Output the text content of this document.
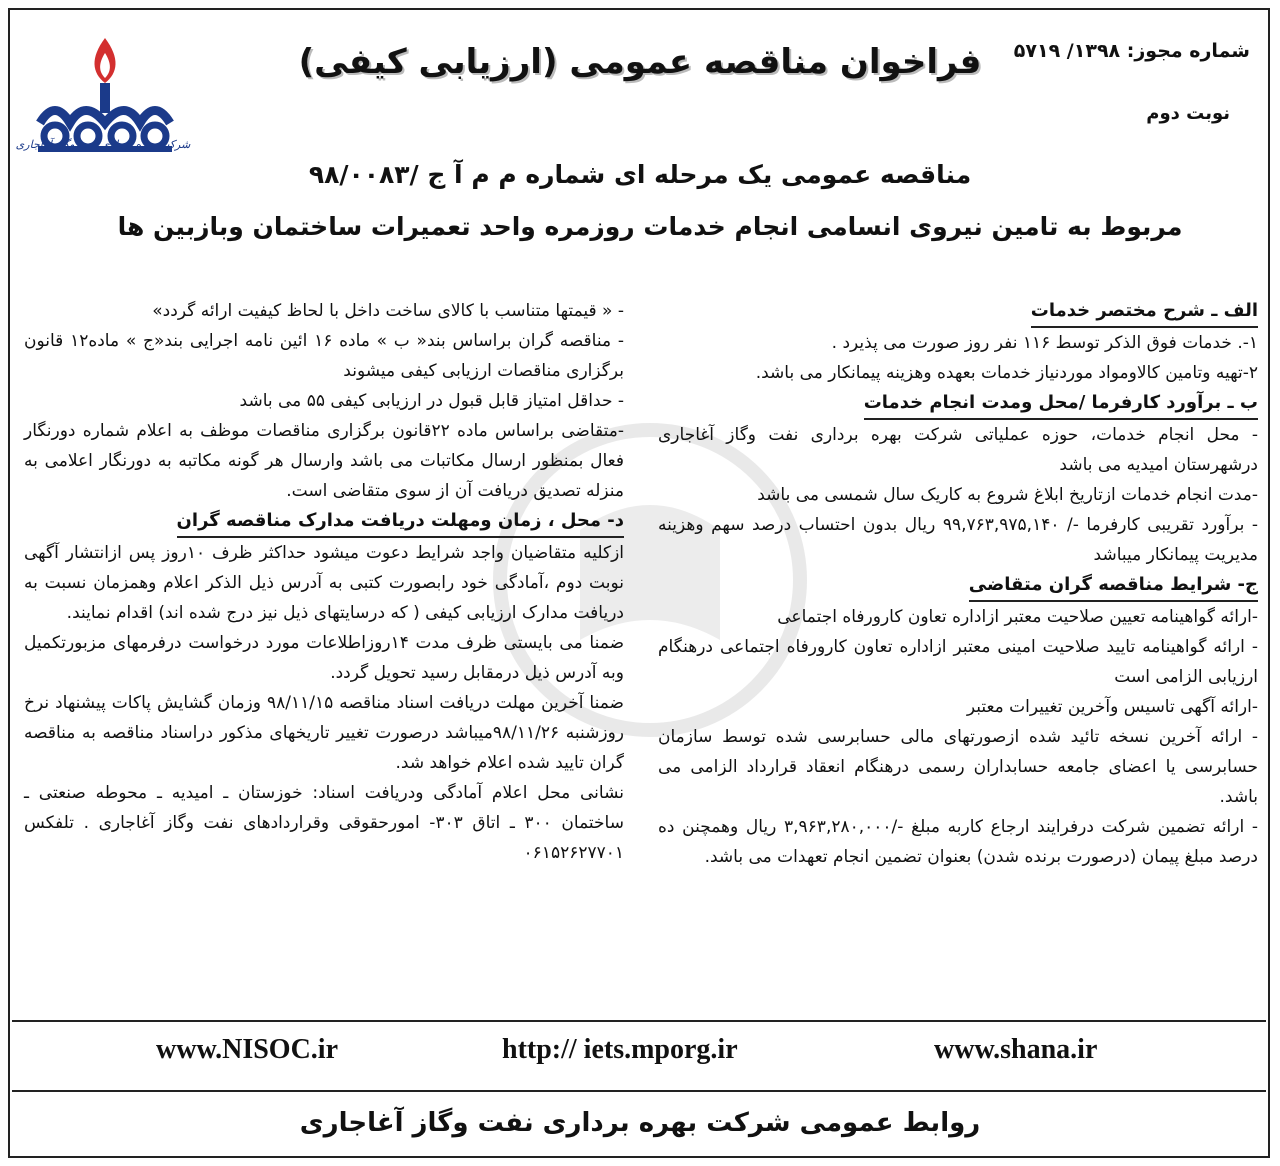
شرکت بهره برداری نفت وگاز آغاجاری
شماره مجوز: ۱۳۹۸/ ۵۷۱۹
نوبت دوم
فراخوان مناقصه عمومی (ارزیابی کیفی)
مناقصه عمومی یک مرحله ای شماره م م آ ج /۹۸/۰۰۸۳
مربوط به تامین نیروی انسامی انجام خدمات روزمره واحد تعمیرات ساختمان وبازبین ها

الف ـ شرح مختصر خدمات

۱-. خدمات فوق الذکر توسط ۱۱۶ نفر روز صورت می پذیرد .

۲-تهیه وتامین کالاومواد موردنیاز خدمات بعهده وهزینه پیمانکار می باشد.

ب ـ برآورد کارفرما /محل ومدت انجام خدمات

- محل انجام خدمات، حوزه عملیاتی شرکت بهره برداری نفت وگاز آغاجاری درشهرستان امیدیه می باشد

-مدت انجام خدمات ازتاریخ ابلاغ شروع به کاریک سال شمسی می باشد

- برآورد تقریبی کارفرما -/ ۹۹,۷۶۳,۹۷۵,۱۴۰ ریال بدون احتساب درصد سهم وهزینه مدیریت پیمانکار میباشد

ج- شرایط مناقصه گران متقاضی

-ارائه گواهینامه تعیین صلاحیت معتبر ازاداره تعاون کارورفاه اجتماعی

- ارائه گواهینامه تایید صلاحیت امینی معتبر ازاداره تعاون کارورفاه اجتماعی درهنگام ارزیابی الزامی است

-ارائه آگهی تاسیس وآخرین تغییرات معتبر

- ارائه آخرین نسخه تائید شده ازصورتهای مالی حسابرسی شده توسط سازمان حسابرسی یا اعضای جامعه حسابداران رسمی درهنگام انعقاد قرارداد الزامی می باشد.

- ارائه تضمین شرکت درفرایند ارجاع کاربه مبلغ -/۳,۹۶۳,۲۸۰,۰۰۰ ریال وهمچنن ده درصد مبلغ پیمان (درصورت برنده شدن) بعنوان تضمین انجام تعهدات می باشد.

- « قیمتها متناسب با کالای ساخت داخل با لحاظ کیفیت ارائه گردد»

- مناقصه گران براساس بند« ب » ماده ۱۶ ائین نامه اجرایی بند«ج » ماده۱۲ قانون برگزاری مناقصات ارزیابی کیفی میشوند

- حداقل امتیاز قابل قبول در ارزیابی کیفی ۵۵ می باشد

-متقاضی براساس ماده ۲۲قانون برگزاری مناقصات موظف به اعلام شماره دورنگار فعال بمنظور ارسال مکاتبات می باشد وارسال هر گونه مکاتبه به دورنگار اعلامی به منزله تصدیق دریافت آن از سوی متقاضی است.

د- محل ، زمان ومهلت دریافت مدارک مناقصه گران

ازکلیه متقاضیان واجد شرایط دعوت میشود حداکثر ظرف ۱۰روز پس ازانتشار آگهی نوبت دوم ،آمادگی خود رابصورت کتبی به آدرس ذیل الذکر اعلام وهمزمان نسبت به دریافت مدارک ارزیابی کیفی ( که درسایتهای ذیل نیز درج شده اند) اقدام نمایند.

ضمنا می بایستی ظرف مدت ۱۴روزاطلاعات مورد درخواست درفرمهای مزبورتکمیل وبه آدرس ذیل درمقابل رسید تحویل گردد.

ضمنا آخرین مهلت دریافت اسناد مناقصه ۹۸/۱۱/۱۵ وزمان گشایش پاکات پیشنهاد نرخ روزشنبه ۹۸/۱۱/۲۶میباشد درصورت تغییر تاریخهای مذکور دراسناد مناقصه به مناقصه گران تایید شده اعلام خواهد شد.

نشانی محل اعلام آمادگی ودریافت اسناد: خوزستان ـ امیدیه ـ محوطه صنعتی ـ ساختمان ۳۰۰ ـ اتاق ۳۰۳- امورحقوقی وقراردادهای نفت وگاز آغاجاری . تلفکس ۰۶۱۵۲۶۲۷۷۰۱

www.NISOC.ir	http:// iets.mporg.ir	www.shana.ir
روابط عمومی شرکت بهره برداری نفت وگاز آغاجاری
